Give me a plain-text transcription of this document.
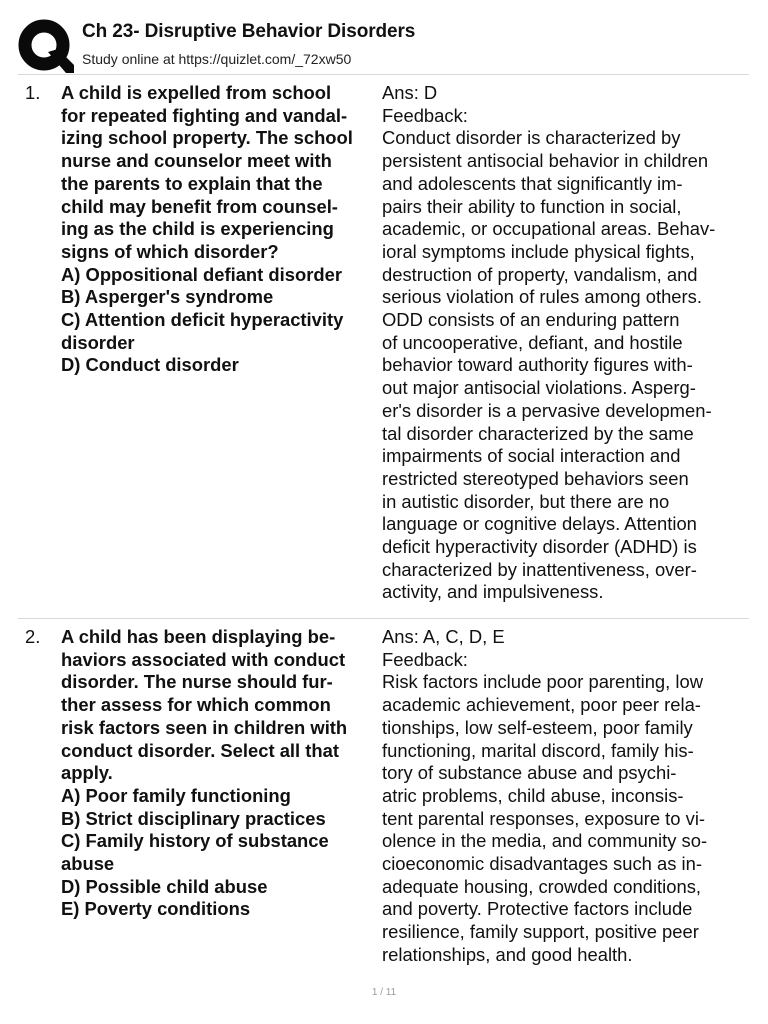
Ch 23- Disruptive Behavior Disorders
Study online at https://quizlet.com/_72xw50
1. A child is expelled from school
for repeated fighting and vandal-
izing school property. The school
nurse and counselor meet with
the parents to explain that the
child may benefit from counsel-
ing as the child is experiencing
signs of which disorder?
A) Oppositional defiant disorder
B) Asperger's syndrome
C) Attention deficit hyperactivity
disorder
D) Conduct disorder
Ans: D
Feedback:
Conduct disorder is characterized by
persistent antisocial behavior in children
and adolescents that significantly im-
pairs their ability to function in social,
academic, or occupational areas. Behav-
ioral symptoms include physical fights,
destruction of property, vandalism, and
serious violation of rules among others.
ODD consists of an enduring pattern
of uncooperative, defiant, and hostile
behavior toward authority figures with-
out major antisocial violations. Asperg-
er's disorder is a pervasive developmen-
tal disorder characterized by the same
impairments of social interaction and
restricted stereotyped behaviors seen
in autistic disorder, but there are no
language or cognitive delays. Attention
deficit hyperactivity disorder (ADHD) is
characterized by inattentiveness, over-
activity, and impulsiveness.
2. A child has been displaying be-
haviors associated with conduct
disorder. The nurse should fur-
ther assess for which common
risk factors seen in children with
conduct disorder. Select all that
apply.
A) Poor family functioning
B) Strict disciplinary practices
C) Family history of substance
abuse
D) Possible child abuse
E) Poverty conditions
Ans: A, C, D, E
Feedback:
Risk factors include poor parenting, low
academic achievement, poor peer rela-
tionships, low self-esteem, poor family
functioning, marital discord, family his-
tory of substance abuse and psychi-
atric problems, child abuse, inconsis-
tent parental responses, exposure to vi-
olence in the media, and community so-
cioeconomic disadvantages such as in-
adequate housing, crowded conditions,
and poverty. Protective factors include
resilience, family support, positive peer
relationships, and good health.
1 / 11
